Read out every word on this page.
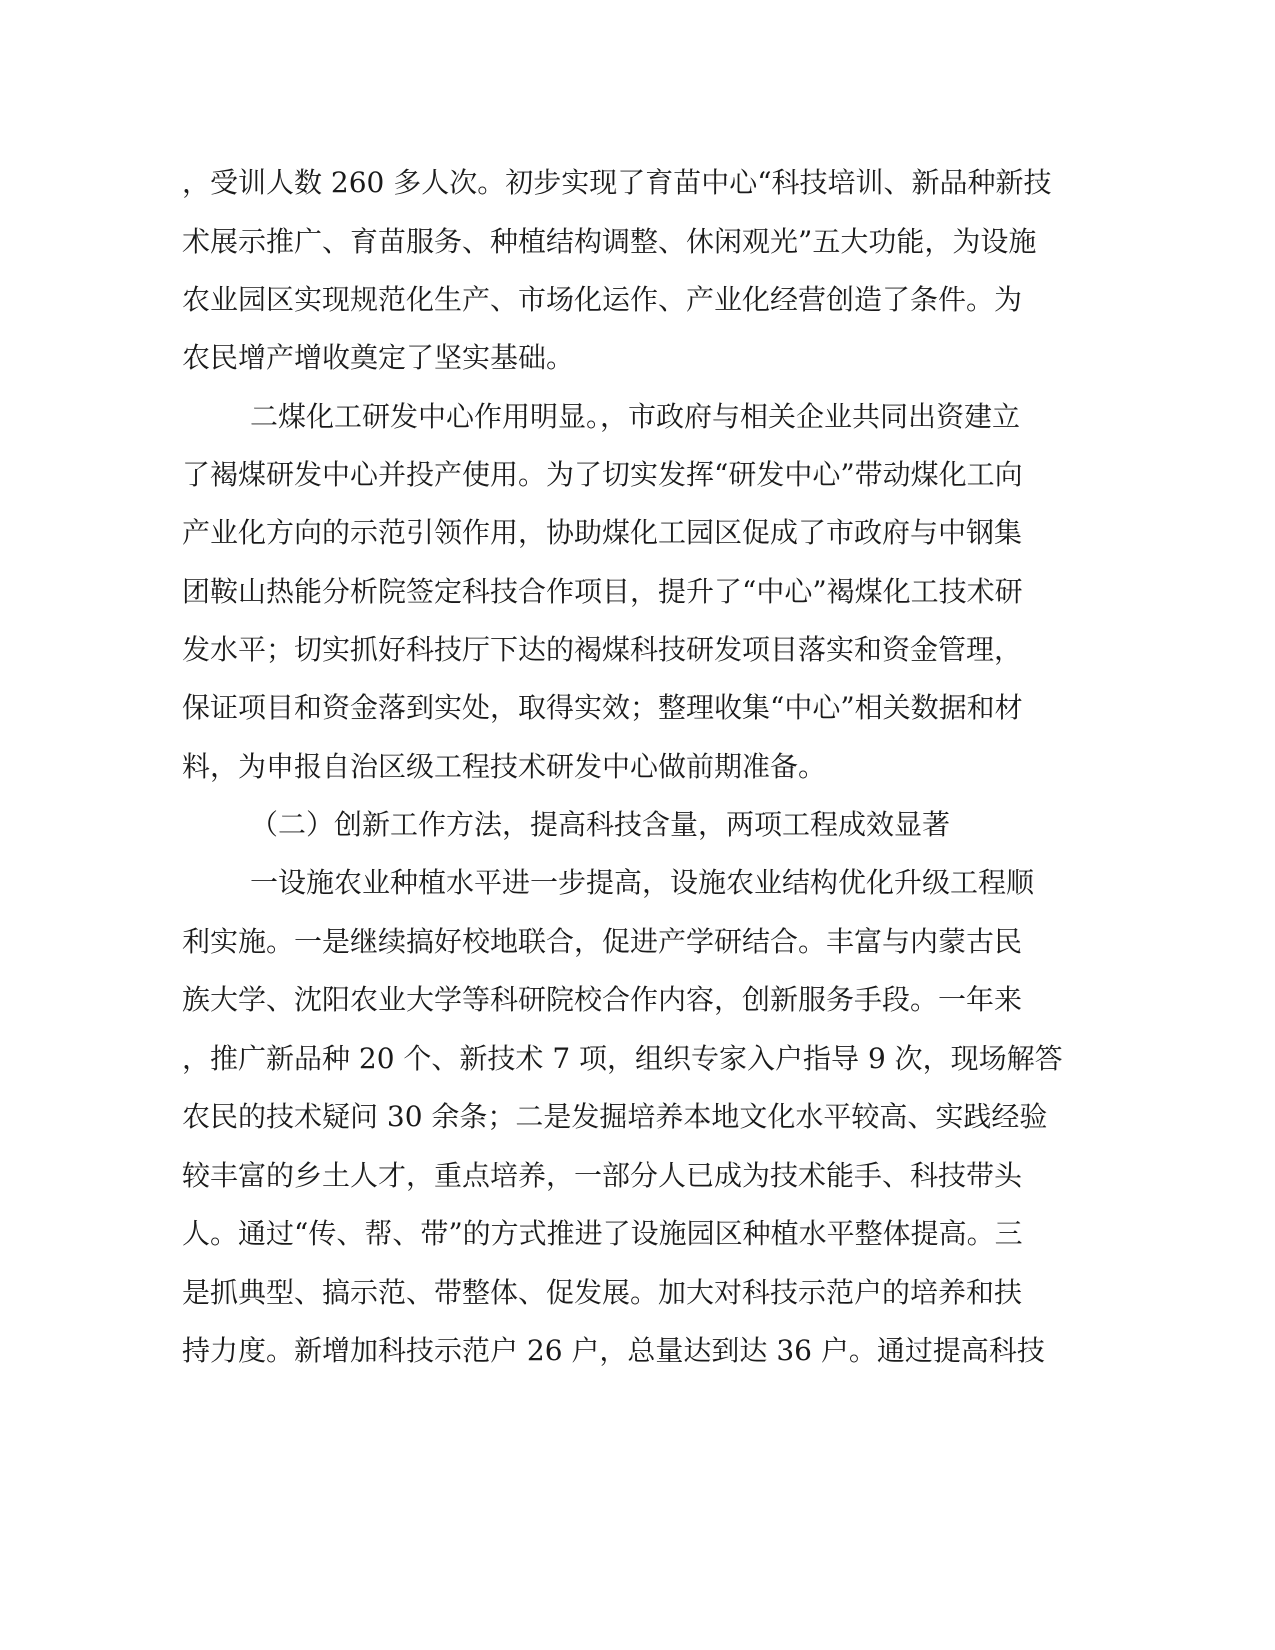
，受训人数 260 多人次。初步实现了育苗中心“科技培训、新品种新技
术展示推广、育苗服务、种植结构调整、休闲观光”五大功能，为设施
农业园区实现规范化生产、市场化运作、产业化经营创造了条件。为
农民增产增收奠定了坚实基础。
二煤化工研发中心作用明显。，市政府与相关企业共同出资建立
了褐煤研发中心并投产使用。为了切实发挥“研发中心”带动煤化工向
产业化方向的示范引领作用，协助煤化工园区促成了市政府与中钢集
团鞍山热能分析院签定科技合作项目，提升了“中心”褐煤化工技术研
发水平；切实抓好科技厅下达的褐煤科技研发项目落实和资金管理，
保证项目和资金落到实处，取得实效；整理收集“中心”相关数据和材
料，为申报自治区级工程技术研发中心做前期准备。
（二）创新工作方法，提高科技含量，两项工程成效显著
一设施农业种植水平进一步提高，设施农业结构优化升级工程顺
利实施。一是继续搞好校地联合，促进产学研结合。丰富与内蒙古民
族大学、沈阳农业大学等科研院校合作内容，创新服务手段。一年来
，推广新品种 20 个、新技术 7 项，组织专家入户指导 9 次，现场解答
农民的技术疑问 30 余条；二是发掘培养本地文化水平较高、实践经验
较丰富的乡土人才，重点培养，一部分人已成为技术能手、科技带头
人。通过“传、帮、带”的方式推进了设施园区种植水平整体提高。三
是抓典型、搞示范、带整体、促发展。加大对科技示范户的培养和扶
持力度。新增加科技示范户 26 户，总量达到达 36 户。通过提高科技
